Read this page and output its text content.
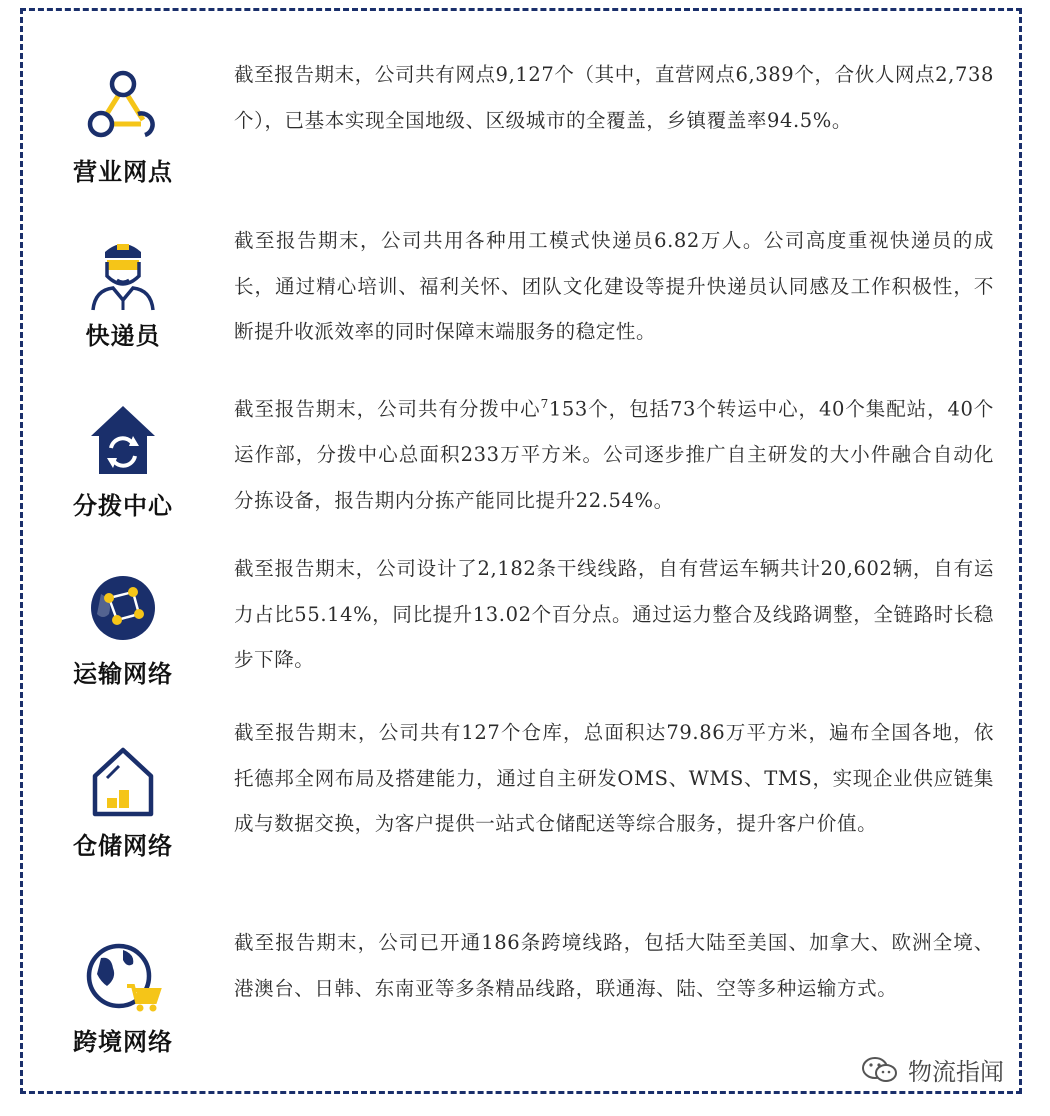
营业网点
截至报告期末，公司共有网点9,127个（其中，直营网点6,389个，合伙人网点2,738个），已基本实现全国地级、区级城市的全覆盖，乡镇覆盖率94.5%。
快递员
截至报告期末，公司共用各种用工模式快递员6.82万人。公司高度重视快递员的成长，通过精心培训、福利关怀、团队文化建设等提升快递员认同感及工作积极性，不断提升收派效率的同时保障末端服务的稳定性。
分拨中心
截至报告期末，公司共有分拨中心$^7$153个，包括73个转运中心，40个集配站，40个运作部，分拨中心总面积233万平方米。公司逐步推广自主研发的大小件融合自动化分拣设备，报告期内分拣产能同比提升22.54%。
运输网络
截至报告期末，公司设计了2,182条干线线路，自有营运车辆共计20,602辆，自有运力占比55.14%，同比提升13.02个百分点。通过运力整合及线路调整，全链路时长稳步下降。
仓储网络
截至报告期末，公司共有127个仓库，总面积达79.86万平方米，遍布全国各地，依托德邦全网布局及搭建能力，通过自主研发OMS、WMS、TMS，实现企业供应链集成与数据交换，为客户提供一站式仓储配送等综合服务，提升客户价值。
跨境网络
截至报告期末，公司已开通186条跨境线路，包括大陆至美国、加拿大、欧洲全境、港澳台、日韩、东南亚等多条精品线路，联通海、陆、空等多种运输方式。
物流指闻
